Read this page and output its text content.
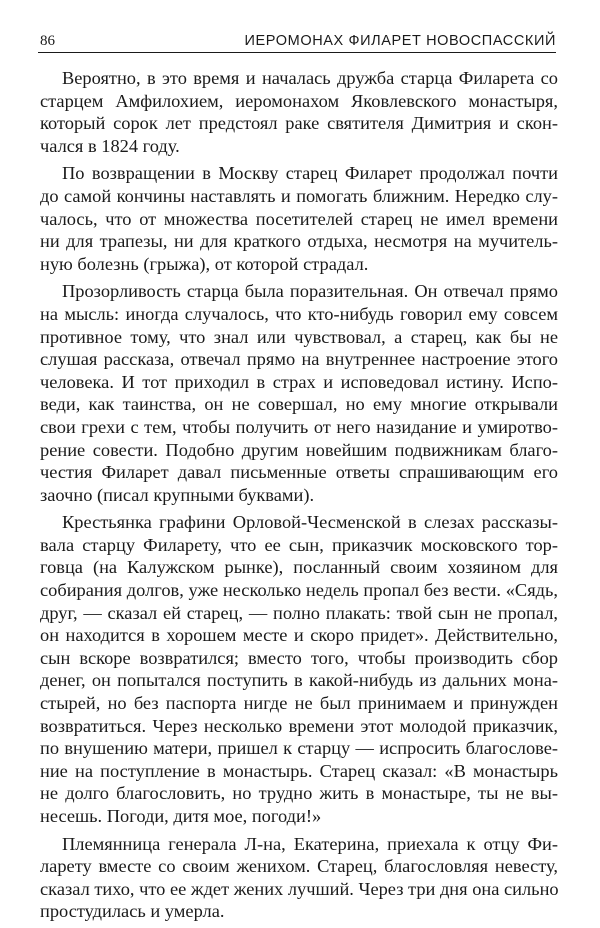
86	ИЕРОМОНАХ ФИЛАРЕТ НОВОСПАССКИЙ

Вероятно, в это время и началась дружба старца Филарета со
старцем Амфилохием, иеромонахом Яковлевского монастыря,
который сорок лет предстоял раке святителя Димитрия и скон-
чался в 1824 году.

По возвращении в Москву старец Филарет продолжал почти
до самой кончины наставлять и помогать ближним. Нередко слу-
чалось, что от множества посетителей старец не имел времени
ни для трапезы, ни для краткого отдыха, несмотря на мучитель-
ную болезнь (грыжа), от которой страдал.

Прозорливость старца была поразительная. Он отвечал прямо
на мысль: иногда случалось, что кто-нибудь говорил ему совсем
противное тому, что знал или чувствовал, а старец, как бы не
слушая рассказа, отвечал прямо на внутреннее настроение этого
человека. И тот приходил в страх и исповедовал истину. Испо-
веди, как таинства, он не совершал, но ему многие открывали
свои грехи с тем, чтобы получить от него назидание и умиротво-
рение совести. Подобно другим новейшим подвижникам благо-
честия Филарет давал письменные ответы спрашивающим его
заочно (писал крупными буквами).

Крестьянка графини Орловой-Чесменской в слезах рассказы-
вала старцу Филарету, что ее сын, приказчик московского тор-
говца (на Калужском рынке), посланный своим хозяином для
собирания долгов, уже несколько недель пропал без вести. «Сядь,
друг, — сказал ей старец, — полно плакать: твой сын не пропал,
он находится в хорошем месте и скоро придет». Действительно,
сын вскоре возвратился; вместо того, чтобы производить сбор
денег, он попытался поступить в какой-нибудь из дальних мона-
стырей, но без паспорта нигде не был принимаем и принужден
возвратиться. Через несколько времени этот молодой приказчик,
по внушению матери, пришел к старцу — испросить благослове-
ние на поступление в монастырь. Старец сказал: «В монастырь
не долго благословить, но трудно жить в монастыре, ты не вы-
несешь. Погоди, дитя мое, погоди!»

Племянница генерала Л-на, Екатерина, приехала к отцу Фи-
ларету вместе со своим женихом. Старец, благословляя невесту,
сказал тихо, что ее ждет жених лучший. Через три дня она сильно
простудилась и умерла.
